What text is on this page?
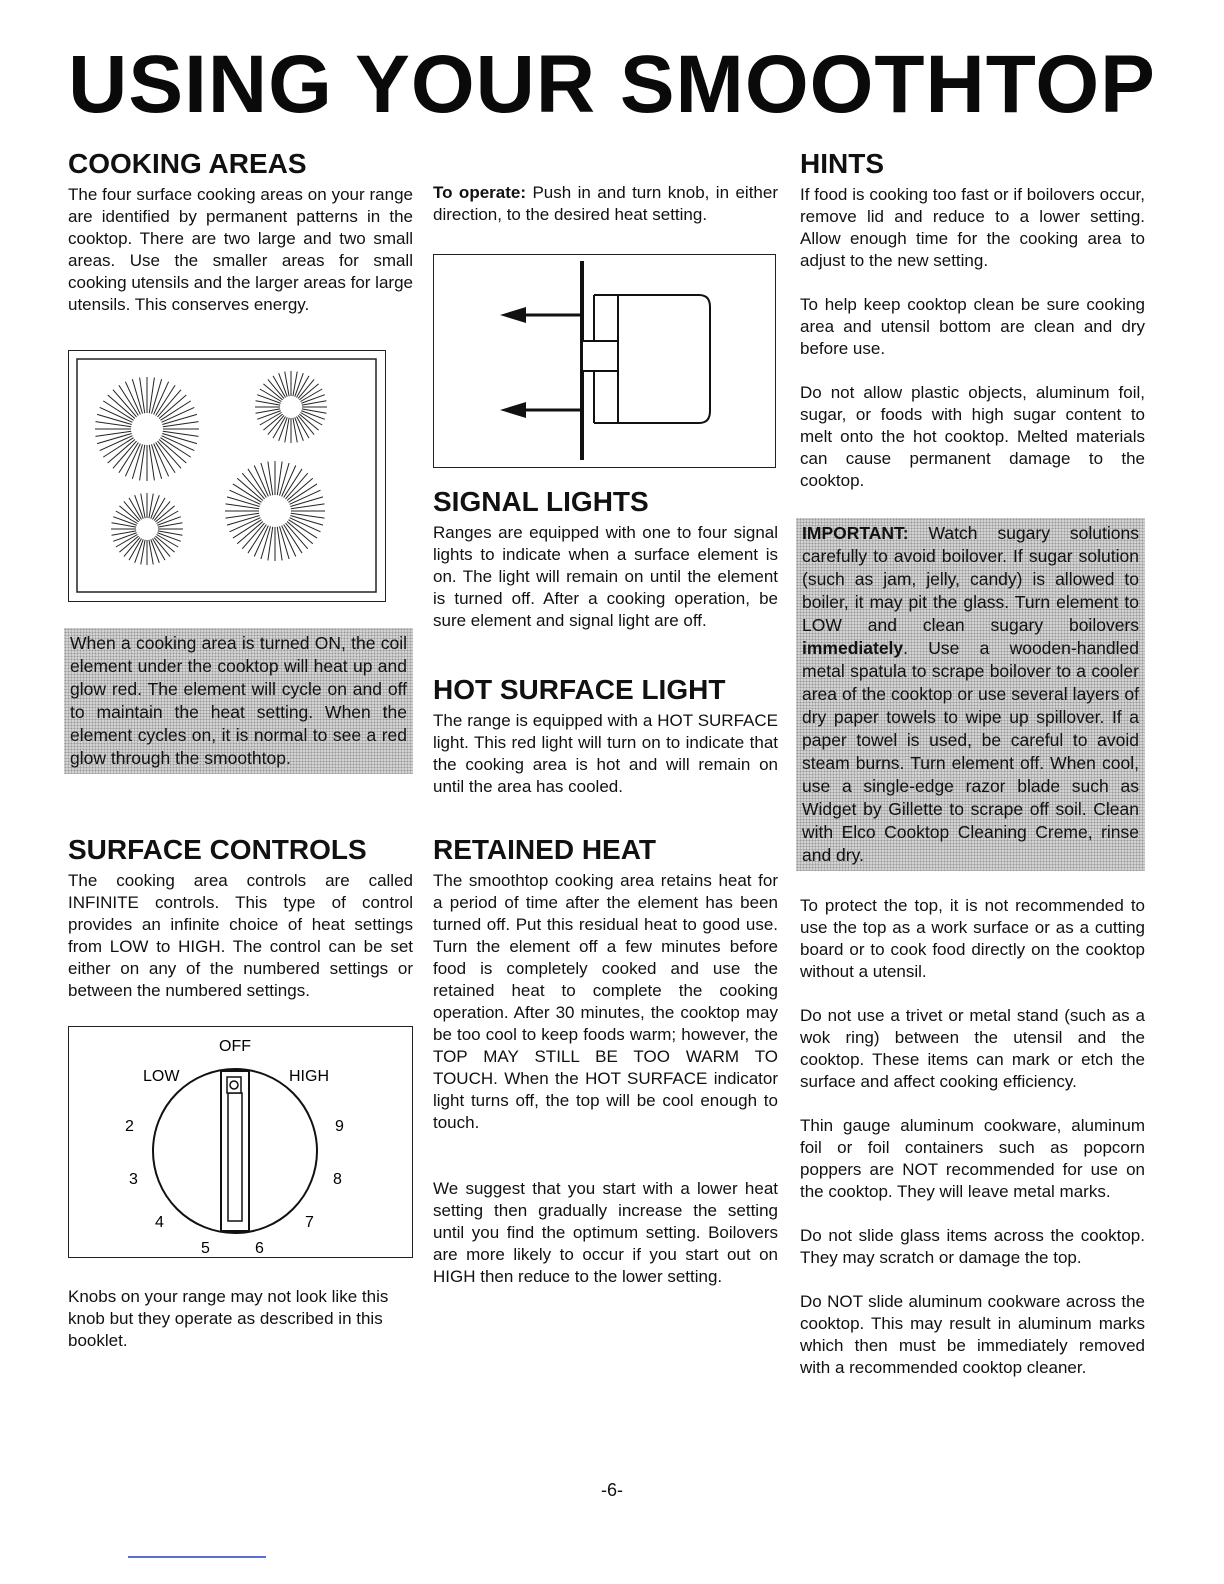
USING YOUR SMOOTHTOP
COOKING AREAS

The four surface cooking areas on your range are identified by permanent patterns in the cooktop. There are two large and two small areas. Use the smaller areas for small cooking utensils and the larger areas for large utensils. This conserves energy.

When a cooking area is turned ON, the coil element under the cooktop will heat up and glow red. The element will cycle on and off to maintain the heat setting. When the element cycles on, it is normal to see a red glow through the smoothtop.

SURFACE CONTROLS

The cooking area controls are called INFINITE controls. This type of control provides an infinite choice of heat settings from LOW to HIGH. The control can be set either on any of the numbered settings or between the numbered settings.

OFF
LOW	HIGH
2
3
4
5	6
7
8
9

Knobs on your range may not look like this knob but they operate as described in this booklet.

To operate: Push in and turn knob, in either direction, to the desired heat setting.

SIGNAL LIGHTS

Ranges are equipped with one to four signal lights to indicate when a surface element is on. The light will remain on until the element is turned off. After a cooking operation, be sure element and signal light are off.

HOT SURFACE LIGHT

The range is equipped with a HOT SURFACE light. This red light will turn on to indicate that the cooking area is hot and will remain on until the area has cooled.

RETAINED HEAT

The smoothtop cooking area retains heat for a period of time after the element has been turned off. Put this residual heat to good use. Turn the element off a few minutes before food is completely cooked and use the retained heat to complete the cooking operation. After 30 minutes, the cooktop may be too cool to keep foods warm; however, the TOP MAY STILL BE TOO WARM TO TOUCH. When the HOT SURFACE indicator light turns off, the top will be cool enough to touch.

We suggest that you start with a lower heat setting then gradually increase the setting until you find the optimum setting. Boilovers are more likely to occur if you start out on HIGH then reduce to the lower setting.

HINTS

If food is cooking too fast or if boilovers occur, remove lid and reduce to a lower setting. Allow enough time for the cooking area to adjust to the new setting.

To help keep cooktop clean be sure cooking area and utensil bottom are clean and dry before use.

Do not allow plastic objects, aluminum foil, sugar, or foods with high sugar content to melt onto the hot cooktop. Melted materials can cause permanent damage to the cooktop.

IMPORTANT: Watch sugary solutions carefully to avoid boilover. If sugar solution (such as jam, jelly, candy) is allowed to boiler, it may pit the glass. Turn element to LOW and clean sugary boilovers immediately. Use a wooden-handled metal spatula to scrape boilover to a cooler area of the cooktop or use several layers of dry paper towels to wipe up spillover. If a paper towel is used, be careful to avoid steam burns. Turn element off. When cool, use a single-edge razor blade such as Widget by Gillette to scrape off soil. Clean with Elco Cooktop Cleaning Creme, rinse and dry.

To protect the top, it is not recommended to use the top as a work surface or as a cutting board or to cook food directly on the cooktop without a utensil.

Do not use a trivet or metal stand (such as a wok ring) between the utensil and the cooktop. These items can mark or etch the surface and affect cooking efficiency.

Thin gauge aluminum cookware, aluminum foil or foil containers such as popcorn poppers are NOT recommended for use on the cooktop. They will leave metal marks.

Do not slide glass items across the cooktop. They may scratch or damage the top.

Do NOT slide aluminum cookware across the cooktop. This may result in aluminum marks which then must be immediately removed with a recommended cooktop cleaner.

-6-
